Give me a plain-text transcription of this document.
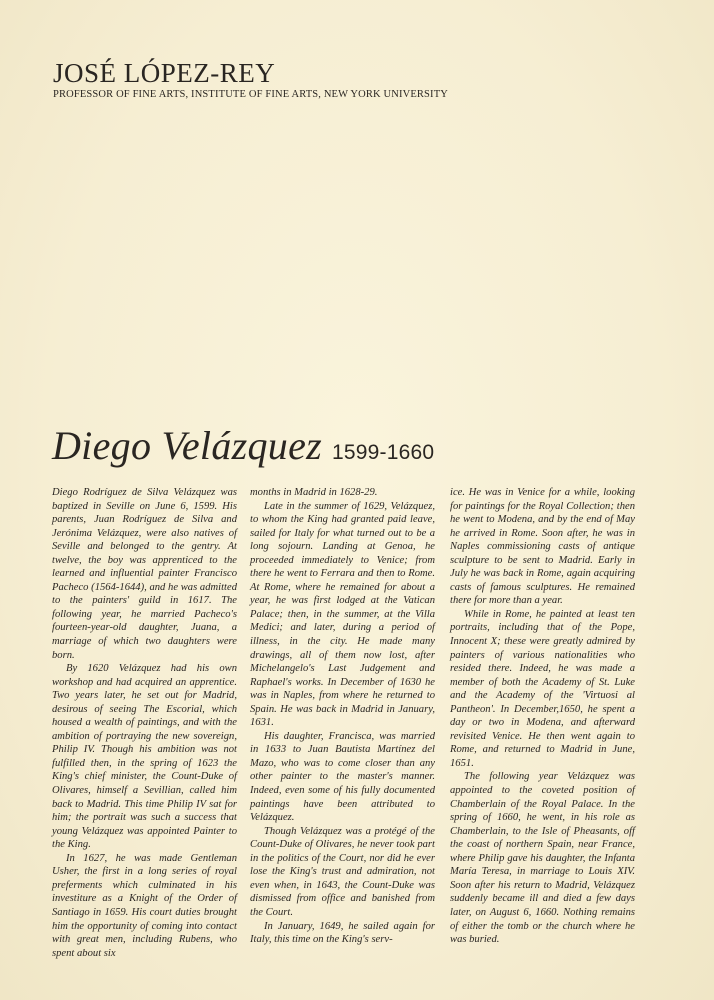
JOSÉ LÓPEZ-REY
PROFESSOR OF FINE ARTS, INSTITUTE OF FINE ARTS, NEW YORK UNIVERSITY
Diego Velázquez 1599-1660

Diego Rodríguez de Silva Velázquez was baptized in Seville on June 6, 1599. His parents, Juan Rodríguez de Silva and Jerónima Velázquez, were also natives of Seville and belonged to the gentry. At twelve, the boy was apprenticed to the learned and influential painter Francisco Pacheco (1564-1644), and he was admitted to the painters' guild in 1617. The following year, he married Pacheco's fourteen-year-old daughter, Juana, a marriage of which two daughters were born.

By 1620 Velázquez had his own workshop and had acquired an apprentice. Two years later, he set out for Madrid, desirous of seeing The Escorial, which housed a wealth of paintings, and with the ambition of portraying the new sovereign, Philip IV. Though his ambition was not fulfilled then, in the spring of 1623 the King's chief minister, the Count-Duke of Olivares, himself a Sevillian, called him back to Madrid. This time Philip IV sat for him; the portrait was such a success that young Velázquez was appointed Painter to the King.

In 1627, he was made Gentleman Usher, the first in a long series of royal preferments which culminated in his investiture as a Knight of the Order of Santiago in 1659. His court duties brought him the opportunity of coming into contact with great men, including Rubens, who spent about six

months in Madrid in 1628-29.

Late in the summer of 1629, Velázquez, to whom the King had granted paid leave, sailed for Italy for what turned out to be a long sojourn. Landing at Genoa, he proceeded immediately to Venice; from there he went to Ferrara and then to Rome. At Rome, where he remained for about a year, he was first lodged at the Vatican Palace; then, in the summer, at the Villa Medici; and later, during a period of illness, in the city. He made many drawings, all of them now lost, after Michelangelo's Last Judgement and Raphael's works. In December of 1630 he was in Naples, from where he returned to Spain. He was back in Madrid in January, 1631.

His daughter, Francisca, was married in 1633 to Juan Bautista Martínez del Mazo, who was to come closer than any other painter to the master's manner. Indeed, even some of his fully documented paintings have been attributed to Velázquez.

Though Velázquez was a protégé of the Count-Duke of Olivares, he never took part in the politics of the Court, nor did he ever lose the King's trust and admiration, not even when, in 1643, the Count-Duke was dismissed from office and banished from the Court.

In January, 1649, he sailed again for Italy, this time on the King's serv-

ice. He was in Venice for a while, looking for paintings for the Royal Collection; then he went to Modena, and by the end of May he arrived in Rome. Soon after, he was in Naples commissioning casts of antique sculpture to be sent to Madrid. Early in July he was back in Rome, again acquiring casts of famous sculptures. He remained there for more than a year.

While in Rome, he painted at least ten portraits, including that of the Pope, Innocent X; these were greatly admired by painters of various nationalities who resided there. Indeed, he was made a member of both the Academy of St. Luke and the Academy of the 'Virtuosi al Pantheon'. In December,1650, he spent a day or two in Modena, and afterward revisited Venice. He then went again to Rome, and returned to Madrid in June, 1651.

The following year Velázquez was appointed to the coveted position of Chamberlain of the Royal Palace. In the spring of 1660, he went, in his role as Chamberlain, to the Isle of Pheasants, off the coast of northern Spain, near France, where Philip gave his daughter, the Infanta María Teresa, in marriage to Louis XIV. Soon after his return to Madrid, Velázquez suddenly became ill and died a few days later, on August 6, 1660. Nothing remains of either the tomb or the church where he was buried.
